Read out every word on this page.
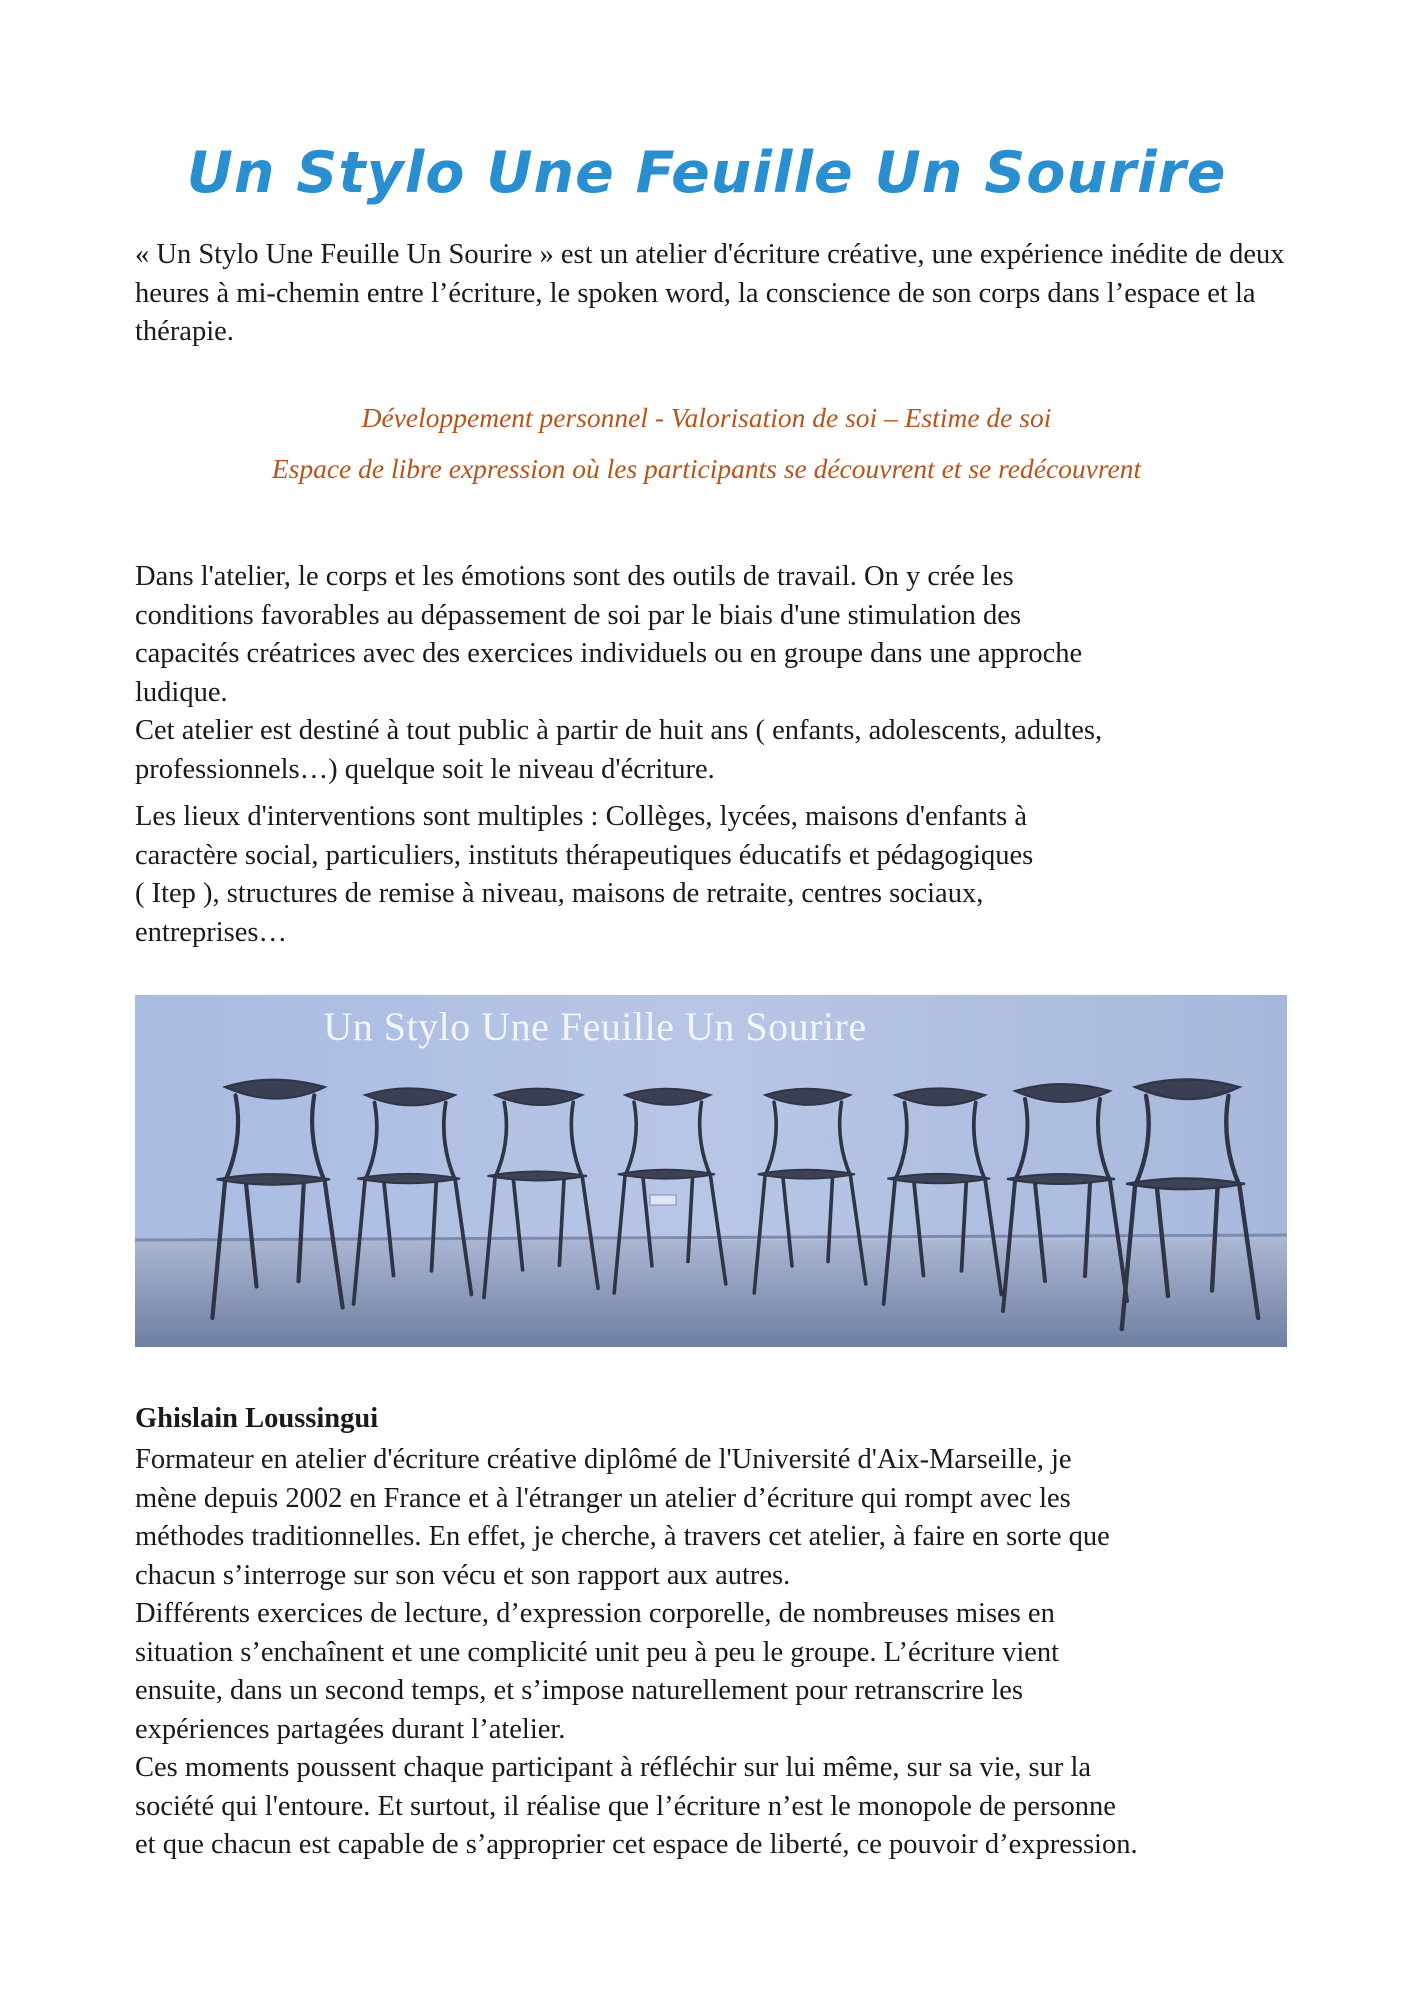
Un Stylo Une Feuille Un Sourire

« Un Stylo Une Feuille Un Sourire » est un atelier d'écriture créative, une expérience inédite de deux heures à mi-chemin entre l’écriture, le spoken word, la conscience de son corps dans l’espace et la thérapie.

Développement personnel - Valorisation de soi – Estime de soi

Espace de libre expression où les participants se découvrent et se redécouvrent

Dans l'atelier, le corps et les émotions sont des outils de travail. On y crée les
conditions favorables au dépassement de soi par le biais d'une stimulation des
capacités créatrices avec des exercices individuels ou en groupe dans une approche
ludique.
Cet atelier est destiné à tout public à partir de huit ans ( enfants, adolescents, adultes,
professionnels…) quelque soit le niveau d'écriture.
Les lieux d'interventions sont multiples : Collèges, lycées, maisons d'enfants à
caractère social, particuliers, instituts thérapeutiques éducatifs et pédagogiques
( Itep ), structures de remise à niveau, maisons de retraite, centres sociaux,
entreprises…
Un Stylo Une Feuille Un Sourire
Ghislain Loussingui
Formateur en atelier d'écriture créative diplômé de l'Université d'Aix-Marseille, je
mène depuis 2002 en France et à l'étranger un atelier d’écriture qui rompt avec les
méthodes traditionnelles. En effet, je cherche, à travers cet atelier, à faire en sorte que
chacun s’interroge sur son vécu et son rapport aux autres.
Différents exercices de lecture, d’expression corporelle, de nombreuses mises en
situation s’enchaînent et une complicité unit peu à peu le groupe. L’écriture vient
ensuite, dans un second temps, et s’impose naturellement pour retranscrire les
expériences partagées durant l’atelier.
Ces moments poussent chaque participant à réfléchir sur lui même, sur sa vie, sur la
société qui l'entoure. Et surtout, il réalise que l’écriture n’est le monopole de personne
et que chacun est capable de s’approprier cet espace de liberté, ce pouvoir d’expression.
